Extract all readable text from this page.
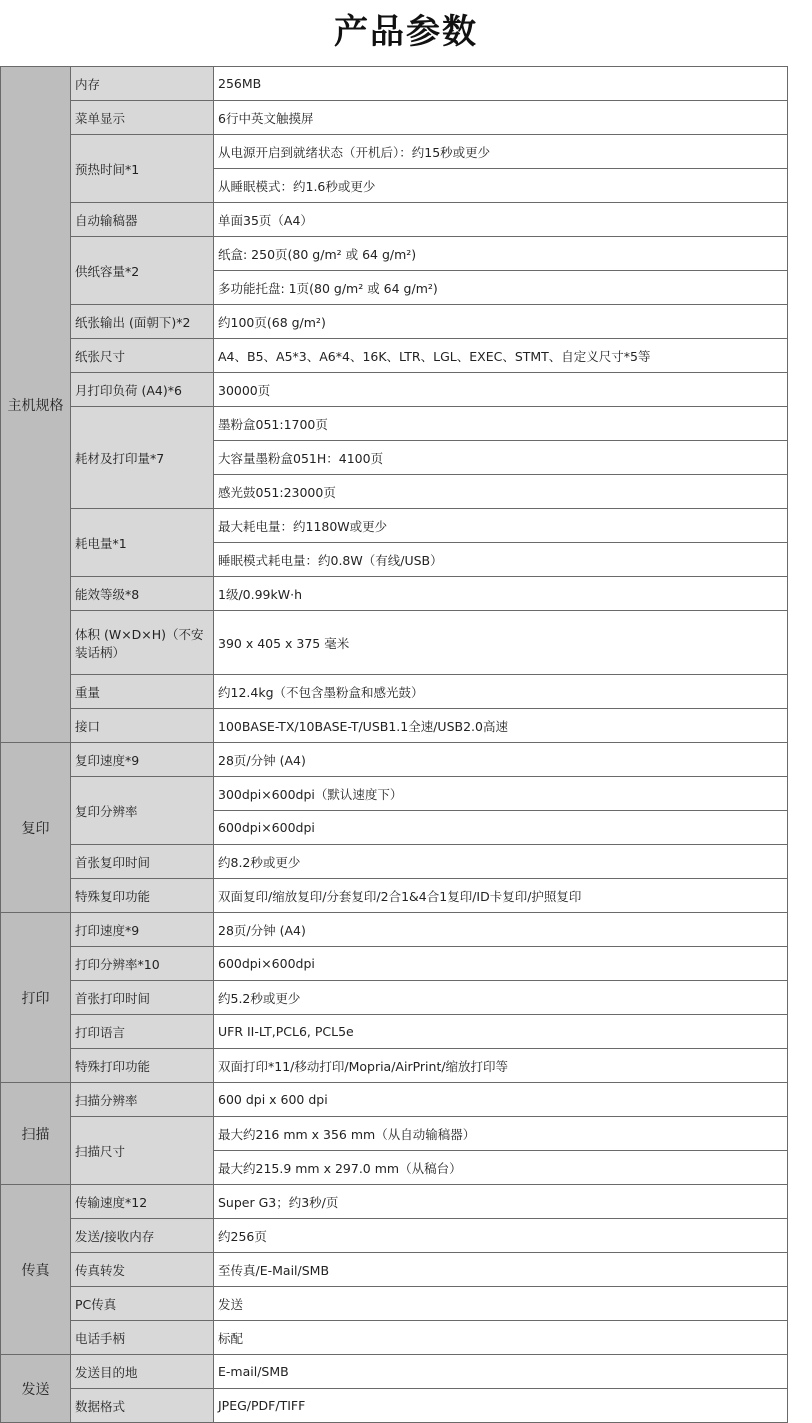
产品参数
主机规格	内存	256MB
	菜单显示	6行中英文触摸屏
	预热时间*1	从电源开启到就绪状态（开机后）：约15秒或更少
		从睡眠模式：约1.6秒或更少
	自动输稿器	单面35页（A4）
	供纸容量*2	纸盒: 250页(80 g/m² 或 64 g/m²)
		多功能托盘: 1页(80 g/m² 或 64 g/m²)
	纸张输出 (面朝下)*2	约100页(68 g/m²)
	纸张尺寸	A4、B5、A5*3、A6*4、16K、LTR、LGL、EXEC、STMT、自定义尺寸*5等
	月打印负荷 (A4)*6	30000页
	耗材及打印量*7	墨粉盒051:1700页
		大容量墨粉盒051H：4100页
		感光鼓051:23000页
	耗电量*1	最大耗电量：约1180W或更少
		睡眠模式耗电量：约0.8W（有线/USB）
	能效等级*8	1级/0.99kW·h
	体积 (W×D×H)（不安装话柄）	390 x 405 x 375 毫米
	重量	约12.4kg（不包含墨粉盒和感光鼓）
	接口	100BASE-TX/10BASE-T/USB1.1全速/USB2.0高速
复印	复印速度*9	28页/分钟 (A4)
	复印分辨率	300dpi×600dpi（默认速度下）
		600dpi×600dpi
	首张复印时间	约8.2秒或更少
	特殊复印功能	双面复印/缩放复印/分套复印/2合1&4合1复印/ID卡复印/护照复印
打印	打印速度*9	28页/分钟 (A4)
	打印分辨率*10	600dpi×600dpi
	首张打印时间	约5.2秒或更少
	打印语言	UFR II-LT,PCL6, PCL5e
	特殊打印功能	双面打印*11/移动打印/Mopria/AirPrint/缩放打印等
扫描	扫描分辨率	600 dpi x 600 dpi
	扫描尺寸	最大约216 mm x 356 mm（从自动输稿器）
		最大约215.9 mm x 297.0 mm（从稿台）
传真	传输速度*12	Super G3；约3秒/页
	发送/接收内存	约256页
	传真转发	至传真/E-Mail/SMB
	PC传真	发送
	电话手柄	标配
发送	发送目的地	E-mail/SMB
	数据格式	JPEG/PDF/TIFF
